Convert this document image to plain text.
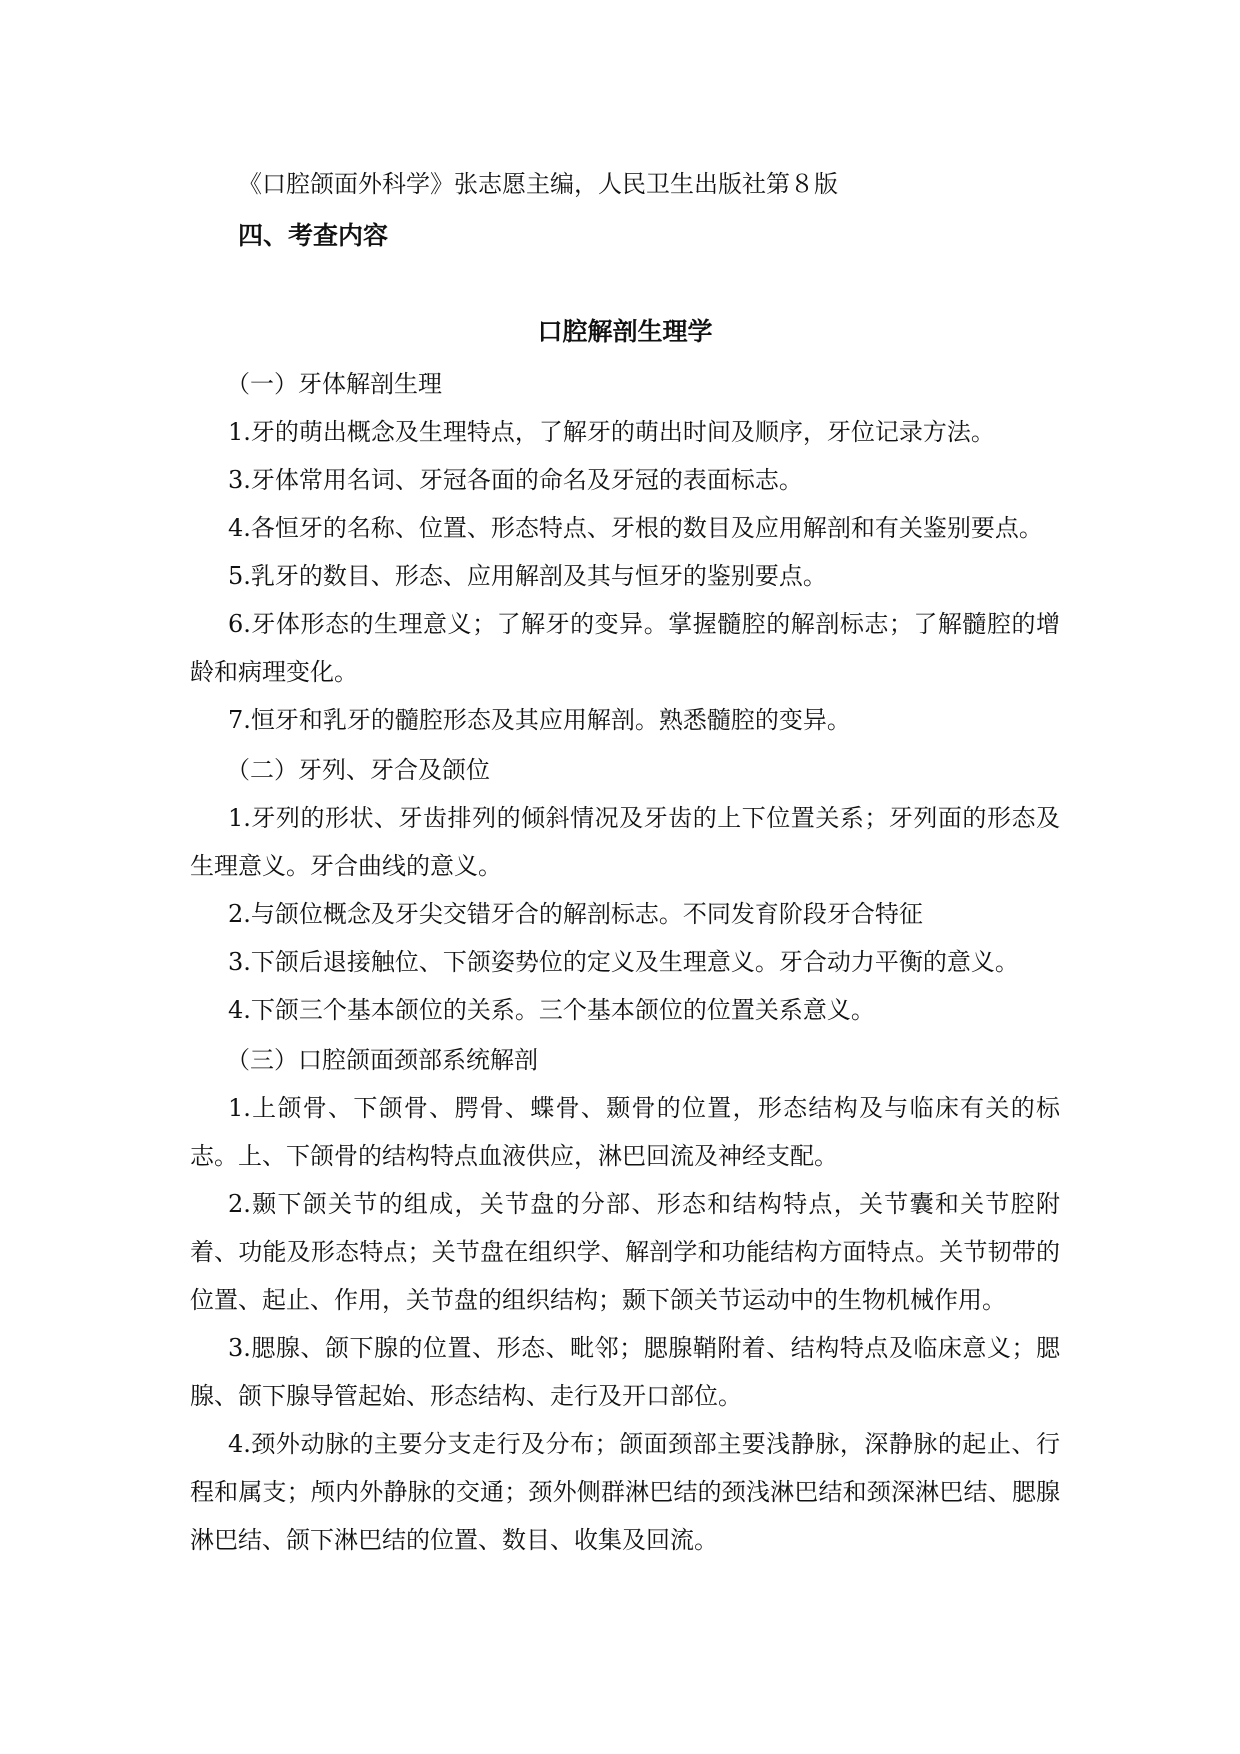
《口腔颌面外科学》张志愿主编，人民卫生出版社第８版
四、考查内容
口腔解剖生理学
（一）牙体解剖生理

1.牙的萌出概念及生理特点，了解牙的萌出时间及顺序，牙位记录方法。

3.牙体常用名词、牙冠各面的命名及牙冠的表面标志。

4.各恒牙的名称、位置、形态特点、牙根的数目及应用解剖和有关鉴别要点。

5.乳牙的数目、形态、应用解剖及其与恒牙的鉴别要点。

6.牙体形态的生理意义；了解牙的变异。掌握髓腔的解剖标志；了解髓腔的增龄和病理变化。

7.恒牙和乳牙的髓腔形态及其应用解剖。熟悉髓腔的变异。

（二）牙列、牙合及颌位

1.牙列的形状、牙齿排列的倾斜情况及牙齿的上下位置关系；牙列面的形态及生理意义。牙合曲线的意义。

2.与颌位概念及牙尖交错牙合的解剖标志。不同发育阶段牙合特征

3.下颌后退接触位、下颌姿势位的定义及生理意义。牙合动力平衡的意义。

4.下颌三个基本颌位的关系。三个基本颌位的位置关系意义。

（三）口腔颌面颈部系统解剖

1.上颌骨、下颌骨、腭骨、蝶骨、颞骨的位置，形态结构及与临床有关的标志。上、下颌骨的结构特点血液供应，淋巴回流及神经支配。

2.颞下颌关节的组成，关节盘的分部、形态和结构特点，关节囊和关节腔附着、功能及形态特点；关节盘在组织学、解剖学和功能结构方面特点。关节韧带的位置、起止、作用，关节盘的组织结构；颞下颌关节运动中的生物机械作用。

3.腮腺、颌下腺的位置、形态、毗邻；腮腺鞘附着、结构特点及临床意义；腮腺、颌下腺导管起始、形态结构、走行及开口部位。

4.颈外动脉的主要分支走行及分布；颌面颈部主要浅静脉，深静脉的起止、行程和属支；颅内外静脉的交通；颈外侧群淋巴结的颈浅淋巴结和颈深淋巴结、腮腺淋巴结、颌下淋巴结的位置、数目、收集及回流。
